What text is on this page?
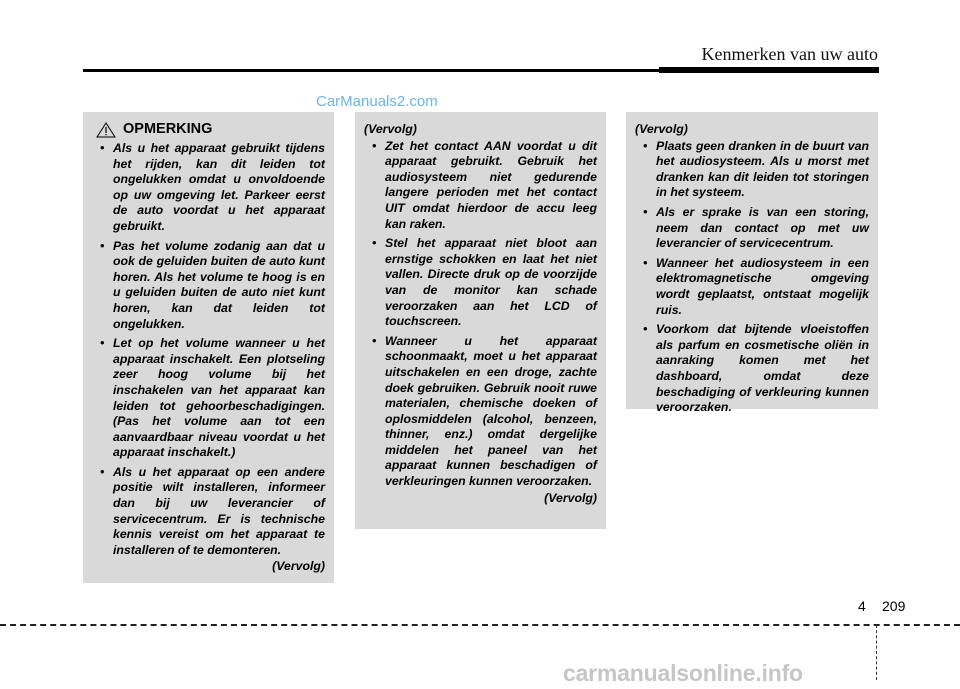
Kenmerken van uw auto
CarManuals2.com
OPMERKING
• Als u het apparaat gebruikt tijdens het rijden, kan dit leiden tot ongelukken omdat u onvoldoende op uw omgeving let. Parkeer eerst de auto voordat u het apparaat gebruikt.
• Pas het volume zodanig aan dat u ook de geluiden buiten de auto kunt horen. Als het volume te hoog is en u geluiden buiten de auto niet kunt horen, kan dat leiden tot ongelukken.
• Let op het volume wanneer u het apparaat inschakelt. Een plotseling zeer hoog volume bij het inschakelen van het apparaat kan leiden tot gehoorbeschadigingen. (Pas het volume aan tot een aanvaardbaar niveau voordat u het apparaat inschakelt.)
• Als u het apparaat op een andere positie wilt installeren, informeer dan bij uw leverancier of servicecentrum. Er is technische kennis vereist om het apparaat te installeren of te demonteren.
(Vervolg)
(Vervolg)
• Zet het contact AAN voordat u dit apparaat gebruikt. Gebruik het audiosysteem niet gedurende langere perioden met het contact UIT omdat hierdoor de accu leeg kan raken.
• Stel het apparaat niet bloot aan ernstige schokken en laat het niet vallen. Directe druk op de voorzijde van de monitor kan schade veroorzaken aan het LCD of touchscreen.
• Wanneer u het apparaat schoonmaakt, moet u het apparaat uitschakelen en een droge, zachte doek gebruiken. Gebruik nooit ruwe materialen, chemische doeken of oplosmiddelen (alcohol, benzeen, thinner, enz.) omdat dergelijke middelen het paneel van het apparaat kunnen beschadigen of verkleuringen kunnen veroorzaken.
(Vervolg)
(Vervolg)
• Plaats geen dranken in de buurt van het audiosysteem. Als u morst met dranken kan dit leiden tot storingen in het systeem.
• Als er sprake is van een storing, neem dan contact op met uw leverancier of servicecentrum.
• Wanneer het audiosysteem in een elektromagnetische omgeving wordt geplaatst, ontstaat mogelijk ruis.
• Voorkom dat bijtende vloeistoffen als parfum en cosmetische oliën in aanraking komen met het dashboard, omdat deze beschadiging of verkleuring kunnen veroorzaken.
4 209
carmanualsonline.info
